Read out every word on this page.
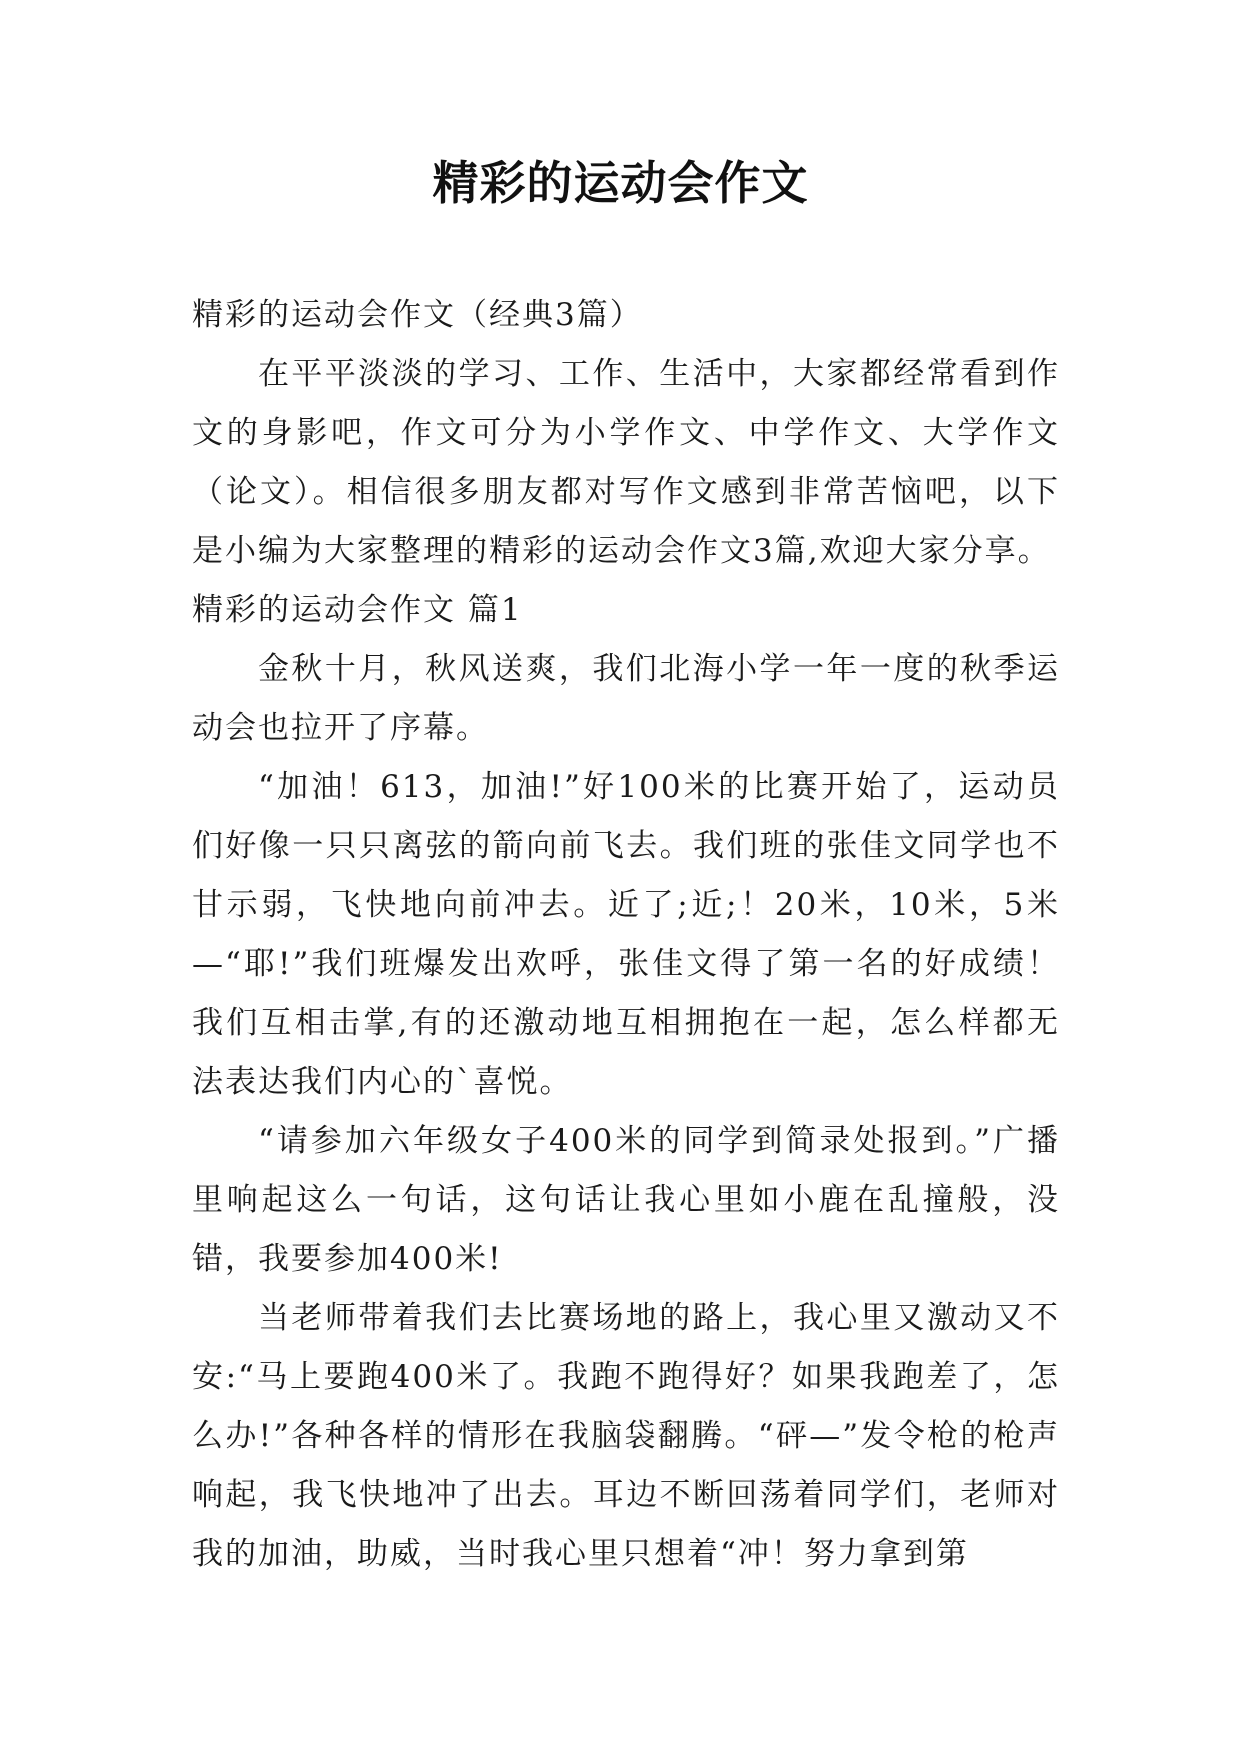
精彩的运动会作文

精彩的运动会作文（经典3篇）

在平平淡淡的学习、工作、生活中，大家都经常看到作文的身影吧，作文可分为小学作文、中学作文、大学作文（论文）。相信很多朋友都对写作文感到非常苦恼吧，以下是小编为大家整理的精彩的运动会作文3篇,欢迎大家分享。

精彩的运动会作文 篇1

金秋十月，秋风送爽，我们北海小学一年一度的秋季运动会也拉开了序幕。

“加油！613，加油!”好100米的比赛开始了，运动员们好像一只只离弦的箭向前飞去。我们班的张佳文同学也不甘示弱，飞快地向前冲去。近了;近;！20米，10米，5米—“耶!”我们班爆发出欢呼，张佳文得了第一名的好成绩！我们互相击掌,有的还激动地互相拥抱在一起，怎么样都无法表达我们内心的`喜悦。

“请参加六年级女子400米的同学到简录处报到。”广播里响起这么一句话，这句话让我心里如小鹿在乱撞般，没错，我要参加400米!

当老师带着我们去比赛场地的路上，我心里又激动又不安:“马上要跑400米了。我跑不跑得好？如果我跑差了，怎么办!”各种各样的情形在我脑袋翻腾。“砰—”发令枪的枪声响起，我飞快地冲了出去。耳边不断回荡着同学们，老师对我的加油，助威，当时我心里只想着“冲！努力拿到第
